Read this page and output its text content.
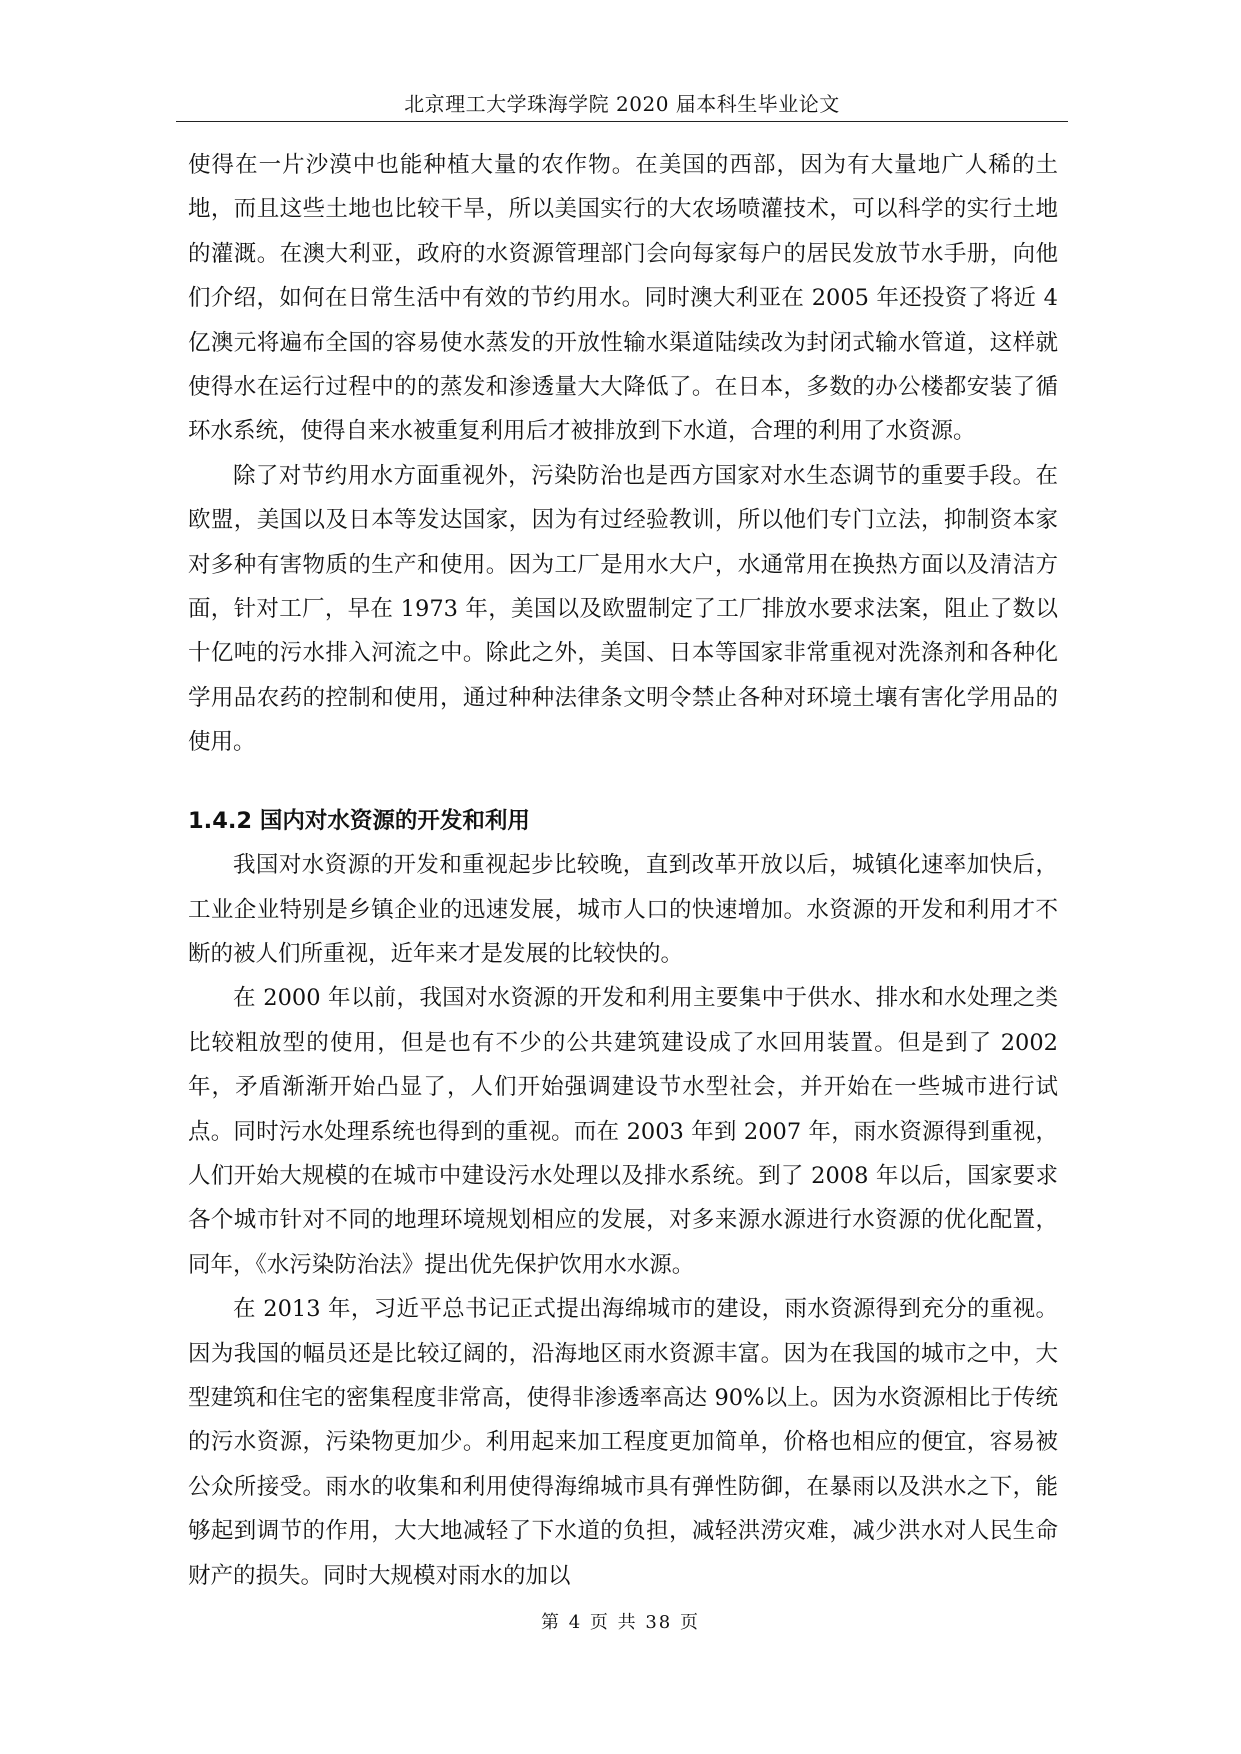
北京理工大学珠海学院 2020 届本科生毕业论文

使得在一片沙漠中也能种植大量的农作物。在美国的西部，因为有大量地广人稀的土地，而且这些土地也比较干旱，所以美国实行的大农场喷灌技术，可以科学的实行土地的灌溉。在澳大利亚，政府的水资源管理部门会向每家每户的居民发放节水手册，向他们介绍，如何在日常生活中有效的节约用水。同时澳大利亚在 2005 年还投资了将近 4 亿澳元将遍布全国的容易使水蒸发的开放性输水渠道陆续改为封闭式输水管道，这样就使得水在运行过程中的的蒸发和渗透量大大降低了。在日本，多数的办公楼都安装了循环水系统，使得自来水被重复利用后才被排放到下水道，合理的利用了水资源。

除了对节约用水方面重视外，污染防治也是西方国家对水生态调节的重要手段。在欧盟，美国以及日本等发达国家，因为有过经验教训，所以他们专门立法，抑制资本家对多种有害物质的生产和使用。因为工厂是用水大户，水通常用在换热方面以及清洁方面，针对工厂，早在 1973 年，美国以及欧盟制定了工厂排放水要求法案，阻止了数以十亿吨的污水排入河流之中。除此之外，美国、日本等国家非常重视对洗涤剂和各种化学用品农药的控制和使用，通过种种法律条文明令禁止各种对环境土壤有害化学用品的使用。

1.4.2 国内对水资源的开发和利用

我国对水资源的开发和重视起步比较晚，直到改革开放以后，城镇化速率加快后，工业企业特别是乡镇企业的迅速发展，城市人口的快速增加。水资源的开发和利用才不断的被人们所重视，近年来才是发展的比较快的。

在 2000 年以前，我国对水资源的开发和利用主要集中于供水、排水和水处理之类比较粗放型的使用，但是也有不少的公共建筑建设成了水回用装置。但是到了 2002 年，矛盾渐渐开始凸显了，人们开始强调建设节水型社会，并开始在一些城市进行试点。同时污水处理系统也得到的重视。而在 2003 年到 2007 年，雨水资源得到重视，人们开始大规模的在城市中建设污水处理以及排水系统。到了 2008 年以后，国家要求各个城市针对不同的地理环境规划相应的发展，对多来源水源进行水资源的优化配置，同年，《水污染防治法》提出优先保护饮用水水源。

在 2013 年，习近平总书记正式提出海绵城市的建设，雨水资源得到充分的重视。因为我国的幅员还是比较辽阔的，沿海地区雨水资源丰富。因为在我国的城市之中，大型建筑和住宅的密集程度非常高，使得非渗透率高达 90%以上。因为水资源相比于传统的污水资源，污染物更加少。利用起来加工程度更加简单，价格也相应的便宜，容易被公众所接受。雨水的收集和利用使得海绵城市具有弹性防御，在暴雨以及洪水之下，能够起到调节的作用，大大地减轻了下水道的负担，减轻洪涝灾难，减少洪水对人民生命财产的损失。同时大规模对雨水的加以

第 4 页 共 38 页
